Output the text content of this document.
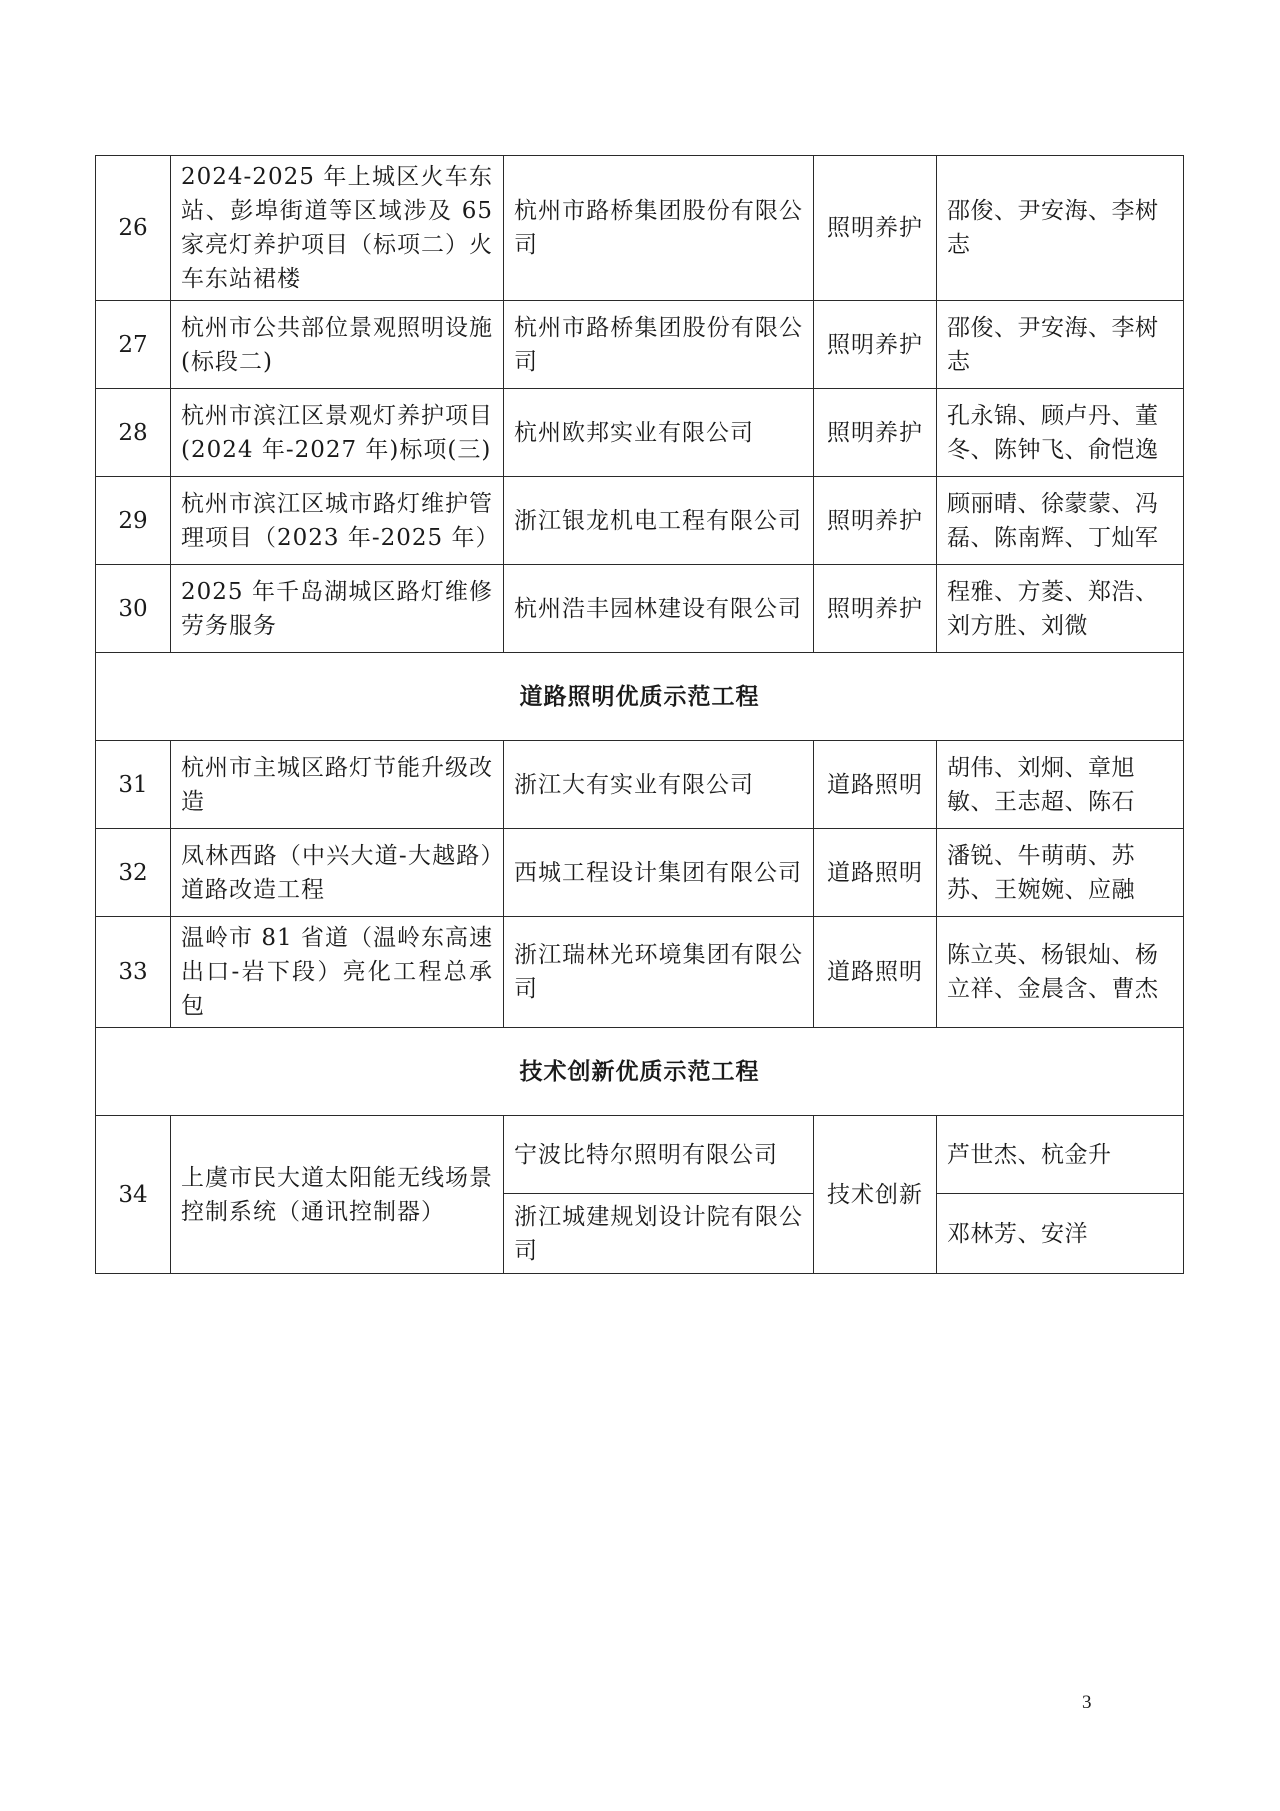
26	2024-2025 年上城区火车东站、彭埠街道等区域涉及 65 家亮灯养护项目（标项二）火车东站裙楼	杭州市路桥集团股份有限公司	照明养护	邵俊、尹安海、李树志
27	杭州市公共部位景观照明设施(标段二)	杭州市路桥集团股份有限公司	照明养护	邵俊、尹安海、李树志
28	杭州市滨江区景观灯养护项目(2024 年-2027 年)标项(三)	杭州欧邦实业有限公司	照明养护	孔永锦、顾卢丹、董冬、陈钟飞、俞恺逸
29	杭州市滨江区城市路灯维护管理项目（2023 年-2025 年）	浙江银龙机电工程有限公司	照明养护	顾丽晴、徐蒙蒙、冯磊、陈南辉、丁灿军
30	2025 年千岛湖城区路灯维修劳务服务	杭州浩丰园林建设有限公司	照明养护	程雅、方菱、郑浩、刘方胜、刘微
道路照明优质示范工程				
31	杭州市主城区路灯节能升级改造	浙江大有实业有限公司	道路照明	胡伟、刘炯、章旭敏、王志超、陈石
32	凤林西路（中兴大道-大越路）道路改造工程	西城工程设计集团有限公司	道路照明	潘锐、牛萌萌、苏苏、王婉婉、应融
33	温岭市 81 省道（温岭东高速出口-岩下段）亮化工程总承包	浙江瑞林光环境集团有限公司	道路照明	陈立英、杨银灿、杨立祥、金晨含、曹杰
技术创新优质示范工程				
34	上虞市民大道太阳能无线场景控制系统（通讯控制器）	宁波比特尔照明有限公司	技术创新	芦世杰、杭金升
		浙江城建规划设计院有限公司		邓林芳、安洋
3
